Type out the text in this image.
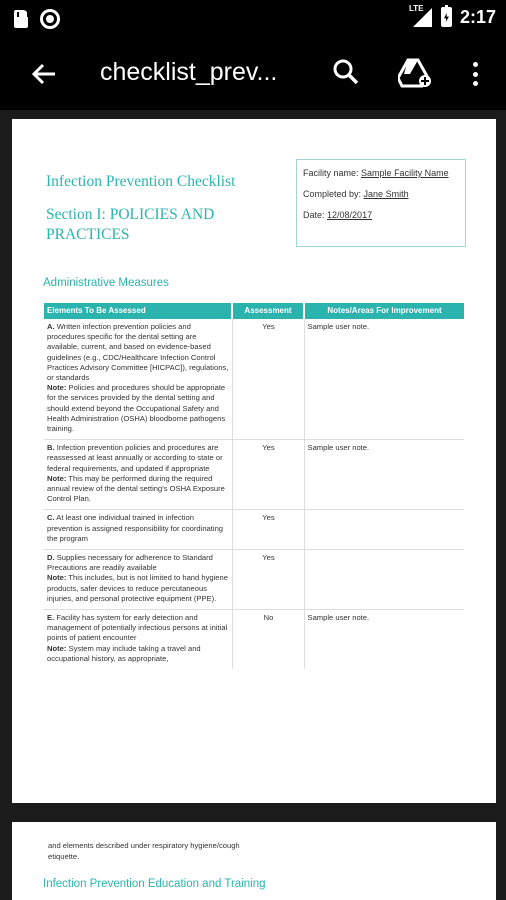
LTE 2:17
checklist_prev...
Infection Prevention Checklist
Section I: POLICIES AND PRACTICES
Facility name: Sample Facility Name
Completed by: Jane Smith
Date: 12/08/2017
Administrative Measures
Elements To Be Assessed	Assessment	Notes/Areas For Improvement
A. Written infection prevention policies and procedures specific for the dental setting are available, current, and based on evidence-based guidelines (e.g., CDC/Healthcare Infection Control Practices Advisory Committee [HICPAC]), regulations, or standards
Note: Policies and procedures should be appropriate for the services provided by the dental setting and should extend beyond the Occupational Safety and Health Administration (OSHA) bloodborne pathogens training.	Yes	Sample user note.
B. Infection prevention policies and procedures are reassessed at least annually or according to state or federal requirements, and updated if appropriate
Note: This may be performed during the required annual review of the dental setting's OSHA Exposure Control Plan.	Yes	Sample user note.
C. At least one individual trained in infection prevention is assigned responsibility for coordinating the program	Yes	
D. Supplies necessary for adherence to Standard Precautions are readily available
Note: This includes, but is not limited to hand hygiene products, safer devices to reduce percutaneous injuries, and personal protective equipment (PPE).	Yes	
E. Facility has system for early detection and management of potentially infectious persons at initial points of patient encounter
Note: System may include taking a travel and occupational history, as appropriate,	No	Sample user note.
and elements described under respiratory hygiene/cough etiquette.
Infection Prevention Education and Training
